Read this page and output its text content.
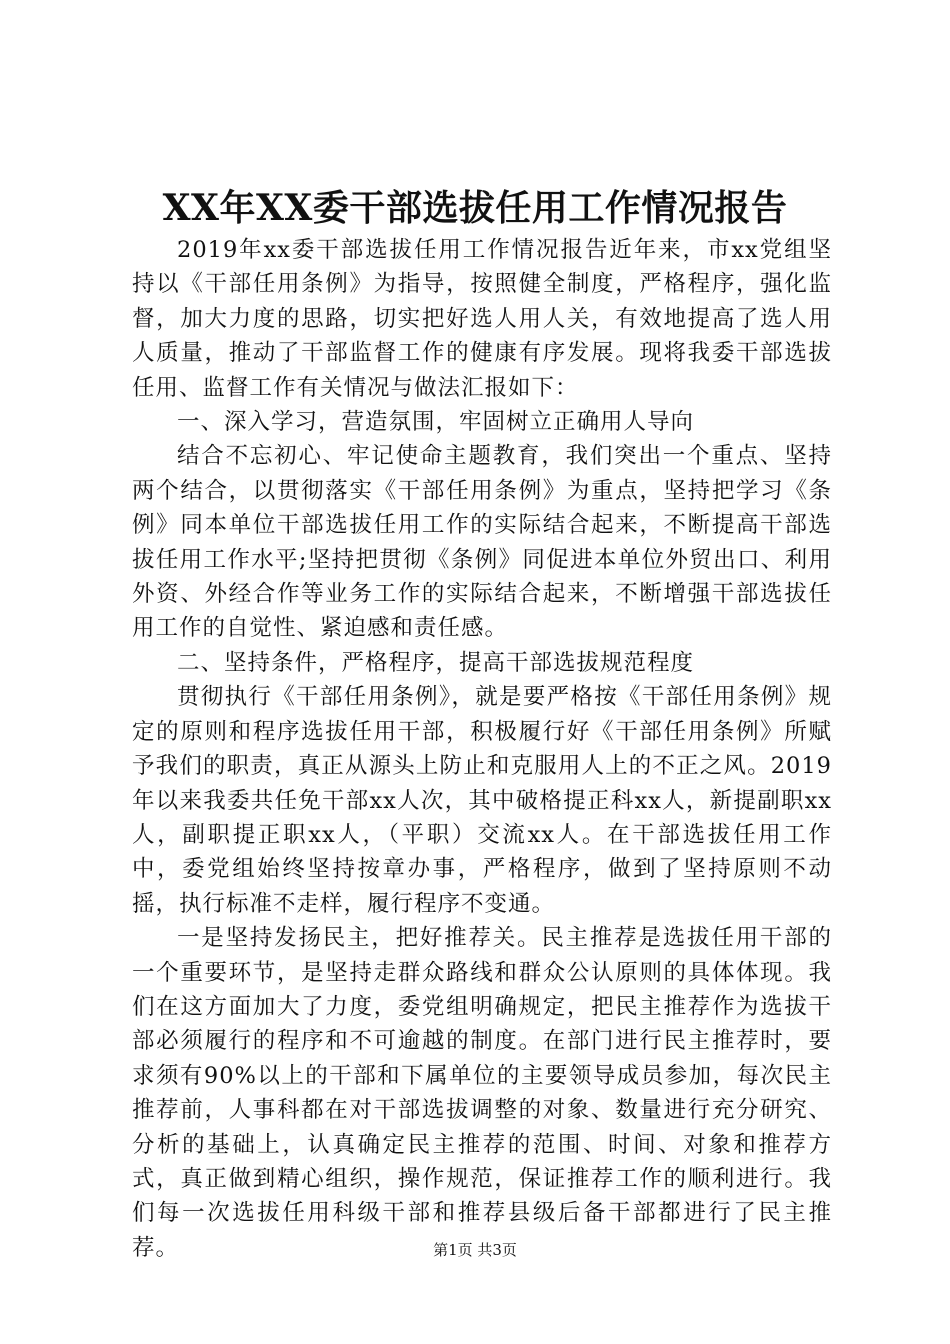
XX年XX委干部选拔任用工作情况报告

2019年xx委干部选拔任用工作情况报告近年来，市xx党组坚持以《干部任用条例》为指导，按照健全制度，严格程序，强化监督，加大力度的思路，切实把好选人用人关，有效地提高了选人用人质量，推动了干部监督工作的健康有序发展。现将我委干部选拔任用、监督工作有关情况与做法汇报如下：

一、深入学习，营造氛围，牢固树立正确用人导向

结合不忘初心、牢记使命主题教育，我们突出一个重点、坚持两个结合，以贯彻落实《干部任用条例》为重点，坚持把学习《条例》同本单位干部选拔任用工作的实际结合起来，不断提高干部选拔任用工作水平;坚持把贯彻《条例》同促进本单位外贸出口、利用外资、外经合作等业务工作的实际结合起来，不断增强干部选拔任用工作的自觉性、紧迫感和责任感。

二、坚持条件，严格程序，提高干部选拔规范程度

贯彻执行《干部任用条例》，就是要严格按《干部任用条例》规定的原则和程序选拔任用干部，积极履行好《干部任用条例》所赋予我们的职责，真正从源头上防止和克服用人上的不正之风。2019年以来我委共任免干部xx人次，其中破格提正科xx人，新提副职xx人，副职提正职xx人，（平职）交流xx人。在干部选拔任用工作中，委党组始终坚持按章办事，严格程序，做到了坚持原则不动摇，执行标准不走样，履行程序不变通。

一是坚持发扬民主，把好推荐关。民主推荐是选拔任用干部的一个重要环节，是坚持走群众路线和群众公认原则的具体体现。我们在这方面加大了力度，委党组明确规定，把民主推荐作为选拔干部必须履行的程序和不可逾越的制度。在部门进行民主推荐时，要求须有90%以上的干部和下属单位的主要领导成员参加，每次民主推荐前，人事科都在对干部选拔调整的对象、数量进行充分研究、分析的基础上，认真确定民主推荐的范围、时间、对象和推荐方式，真正做到精心组织，操作规范，保证推荐工作的顺利进行。我们每一次选拔任用科级干部和推荐县级后备干部都进行了民主推荐。	第1页 共3页
